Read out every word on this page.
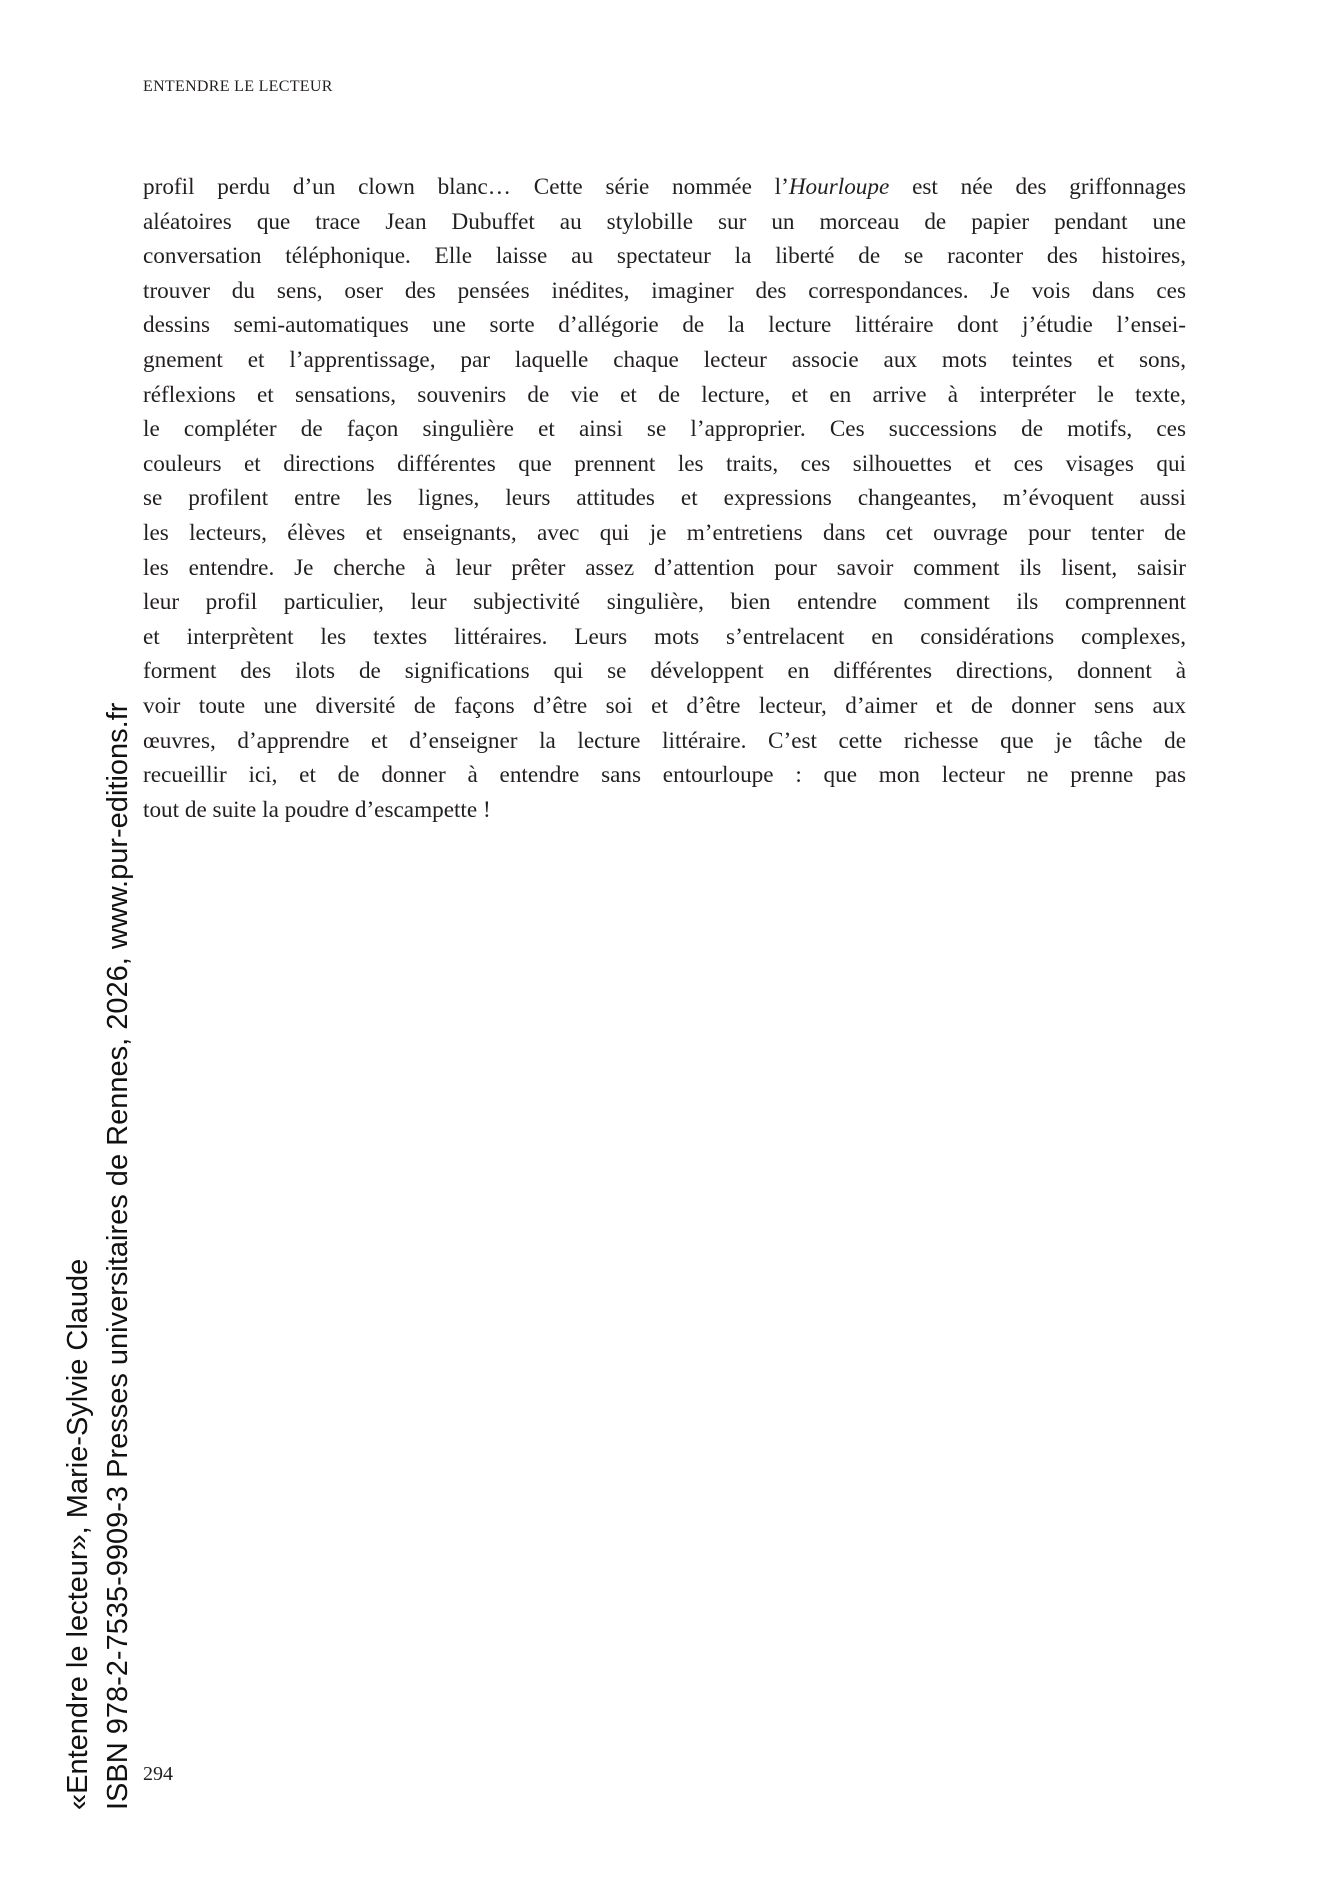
ENTENDRE LE LECTEUR
profil perdu d’un clown blanc… Cette série nommée l’Hourloupe est née des griffonnages
aléatoires que trace Jean Dubuffet au stylobille sur un morceau de papier pendant une
conversation téléphonique. Elle laisse au spectateur la liberté de se raconter des histoires,
trouver du sens, oser des pensées inédites, imaginer des correspondances. Je vois dans ces
dessins semi-automatiques une sorte d’allégorie de la lecture littéraire dont j’étudie l’ensei-
gnement et l’apprentissage, par laquelle chaque lecteur associe aux mots teintes et sons,
réflexions et sensations, souvenirs de vie et de lecture, et en arrive à interpréter le texte,
le compléter de façon singulière et ainsi se l’approprier. Ces successions de motifs, ces
couleurs et directions différentes que prennent les traits, ces silhouettes et ces visages qui
se profilent entre les lignes, leurs attitudes et expressions changeantes, m’évoquent aussi
les lecteurs, élèves et enseignants, avec qui je m’entretiens dans cet ouvrage pour tenter de
les entendre. Je cherche à leur prêter assez d’attention pour savoir comment ils lisent, saisir
leur profil particulier, leur subjectivité singulière, bien entendre comment ils comprennent
et interprètent les textes littéraires. Leurs mots s’entrelacent en considérations complexes,
forment des ilots de significations qui se développent en différentes directions, donnent à
voir toute une diversité de façons d’être soi et d’être lecteur, d’aimer et de donner sens aux
œuvres, d’apprendre et d’enseigner la lecture littéraire. C’est cette richesse que je tâche de
recueillir ici, et de donner à entendre sans entourloupe : que mon lecteur ne prenne pas
tout de suite la poudre d’escampette !
294
«Entendre le lecteur», Marie-Sylvie Claude ISBN 978-2-7535-9909-3 Presses universitaires de Rennes, 2026, www.pur-editions.fr
